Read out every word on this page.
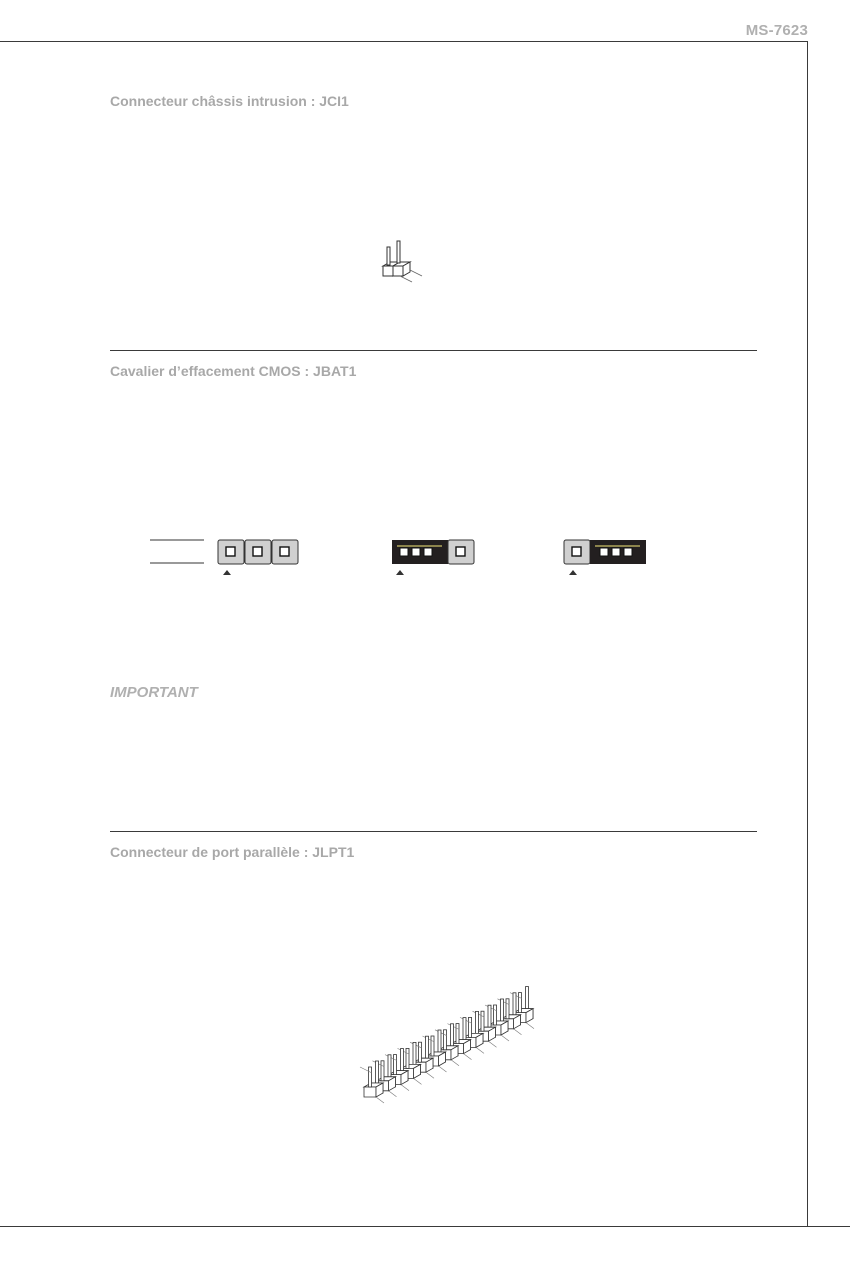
MS-7623
Connecteur châssis intrusion : JCI1
Cavalier d’effacement CMOS : JBAT1
IMPORTANT
Connecteur de port parallèle : JLPT1
